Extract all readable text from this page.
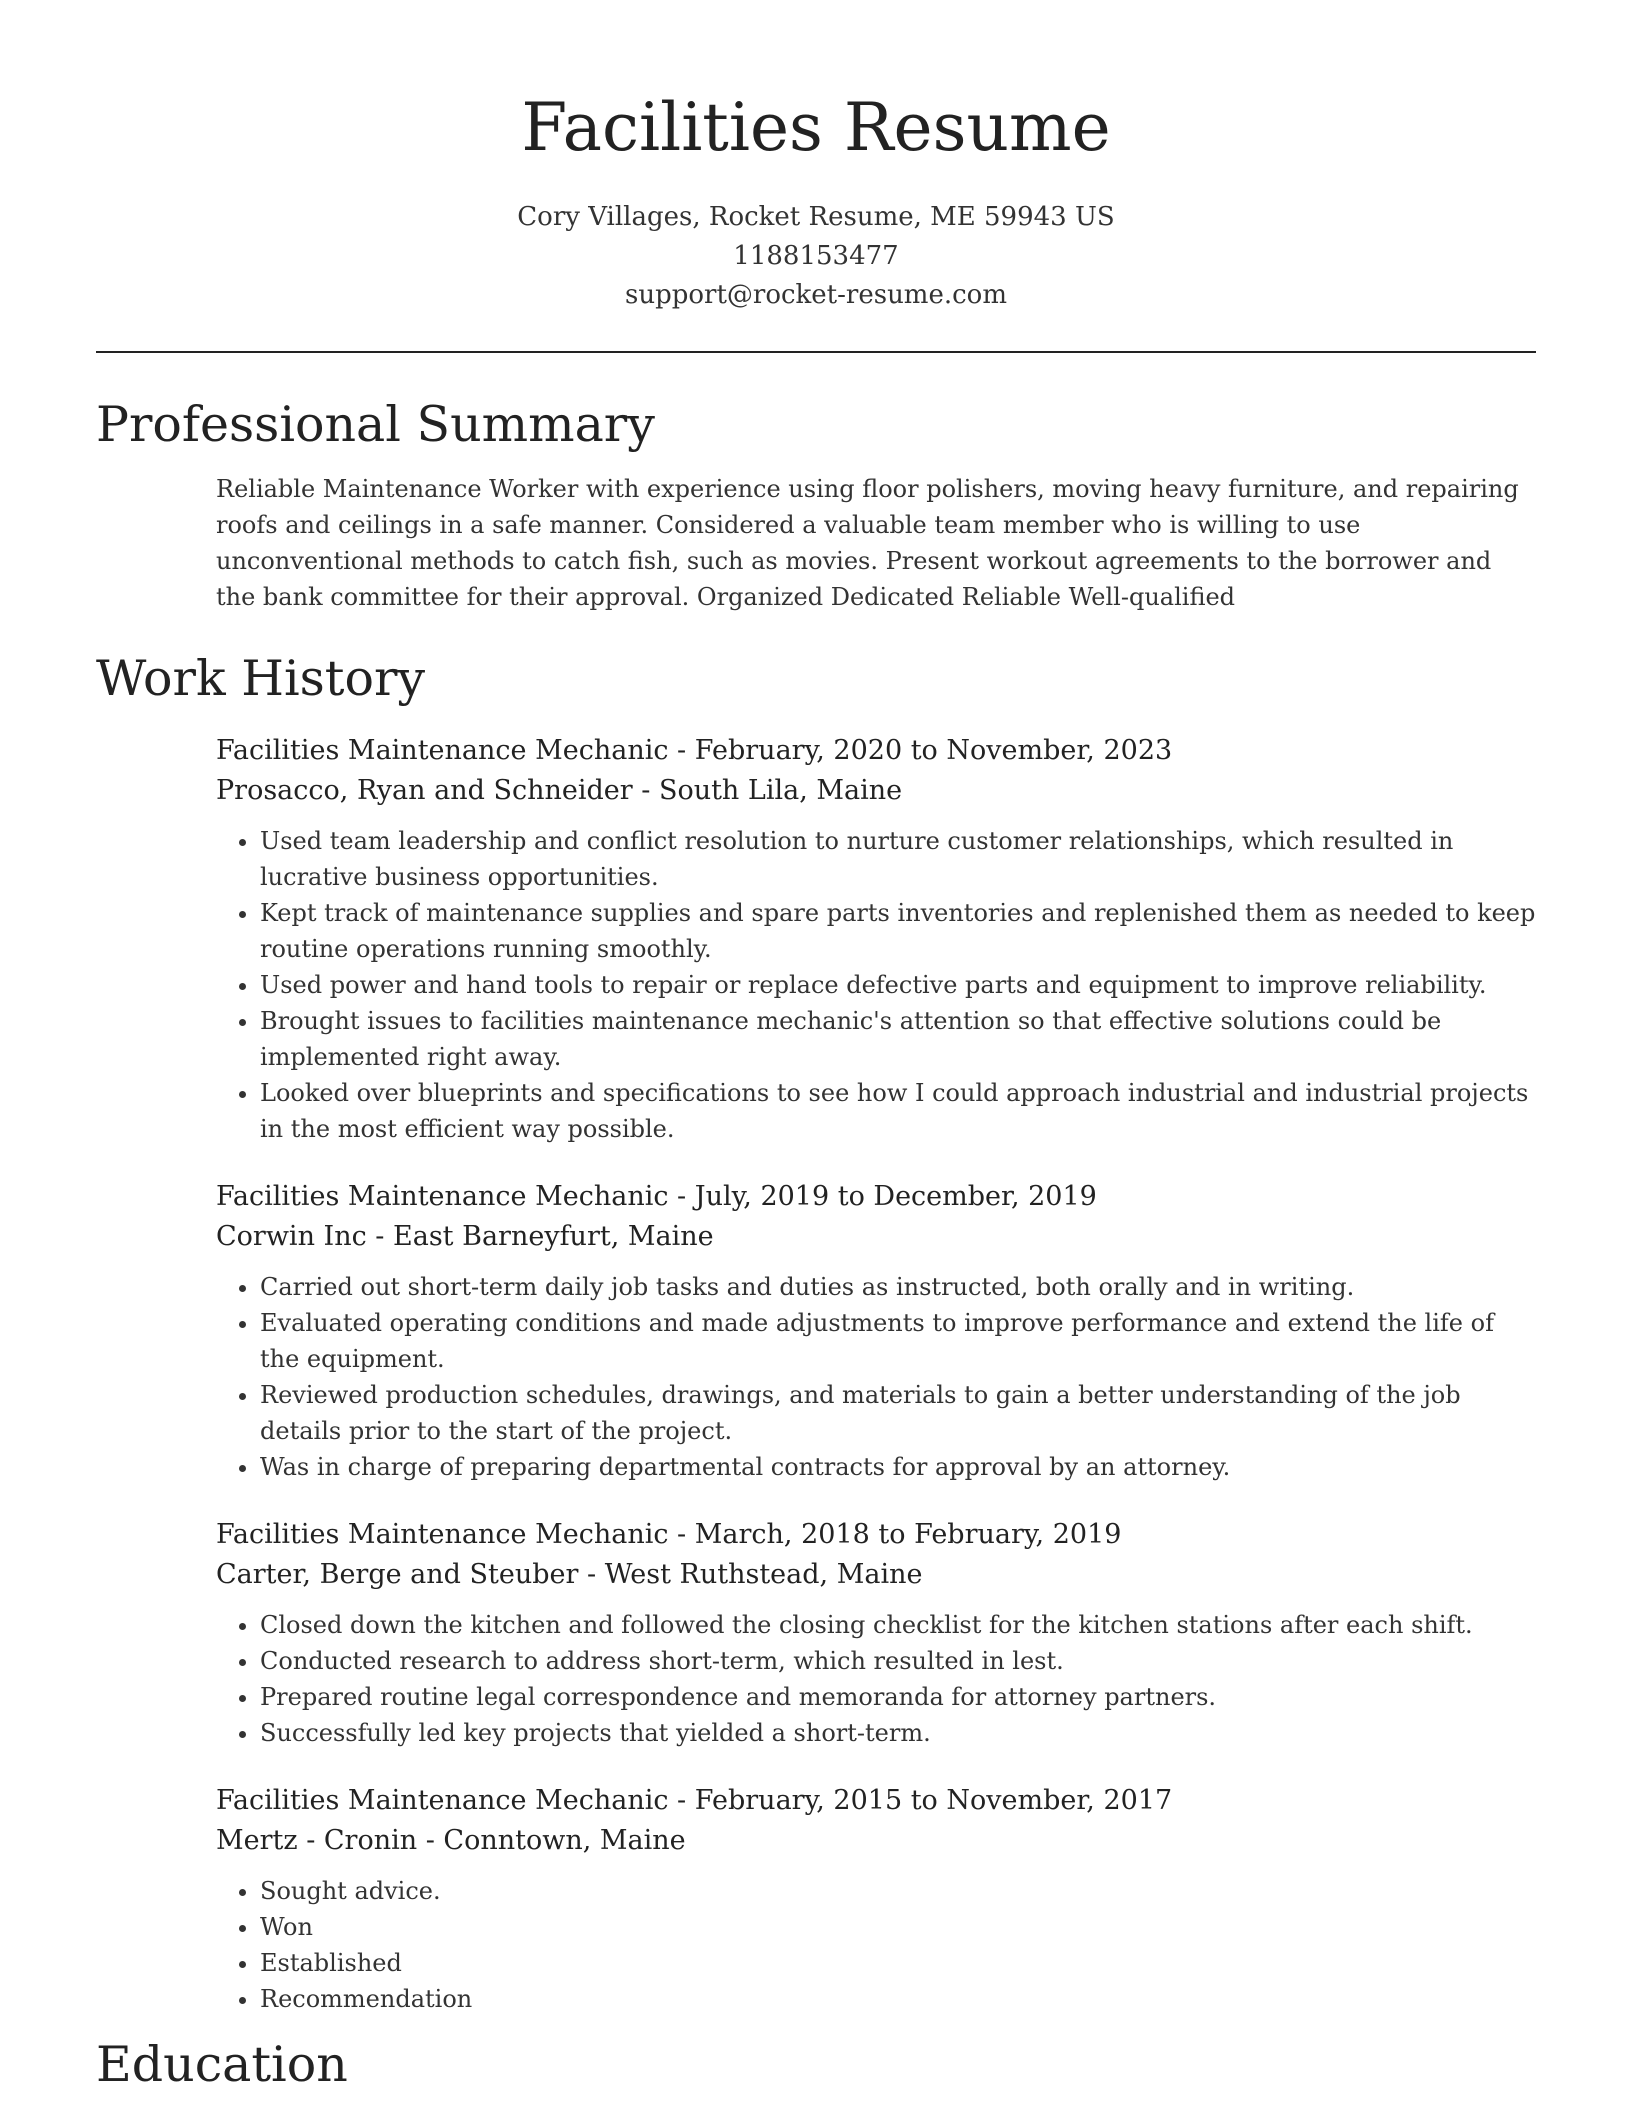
Facilities Resume
Cory Villages, Rocket Resume, ME 59943 US
1188153477
support@rocket-resume.com
Professional Summary
Reliable Maintenance Worker with experience using floor polishers, moving heavy furniture, and repairing roofs and ceilings in a safe manner. Considered a valuable team member who is willing to use unconventional methods to catch fish, such as movies. Present workout agreements to the borrower and the bank committee for their approval. Organized Dedicated Reliable Well-qualified
Work History
Facilities Maintenance Mechanic - February, 2020 to November, 2023
Prosacco, Ryan and Schneider - South Lila, Maine
• Used team leadership and conflict resolution to nurture customer relationships, which resulted in lucrative business opportunities.
• Kept track of maintenance supplies and spare parts inventories and replenished them as needed to keep routine operations running smoothly.
• Used power and hand tools to repair or replace defective parts and equipment to improve reliability.
• Brought issues to facilities maintenance mechanic's attention so that effective solutions could be implemented right away.
• Looked over blueprints and specifications to see how I could approach industrial and industrial projects in the most efficient way possible.
Facilities Maintenance Mechanic - July, 2019 to December, 2019
Corwin Inc - East Barneyfurt, Maine
• Carried out short-term daily job tasks and duties as instructed, both orally and in writing.
• Evaluated operating conditions and made adjustments to improve performance and extend the life of the equipment.
• Reviewed production schedules, drawings, and materials to gain a better understanding of the job details prior to the start of the project.
• Was in charge of preparing departmental contracts for approval by an attorney.
Facilities Maintenance Mechanic - March, 2018 to February, 2019
Carter, Berge and Steuber - West Ruthstead, Maine
• Closed down the kitchen and followed the closing checklist for the kitchen stations after each shift.
• Conducted research to address short-term, which resulted in lest.
• Prepared routine legal correspondence and memoranda for attorney partners.
• Successfully led key projects that yielded a short-term.
Facilities Maintenance Mechanic - February, 2015 to November, 2017
Mertz - Cronin - Conntown, Maine
• Sought advice.
• Won
• Established
• Recommendation
Education
